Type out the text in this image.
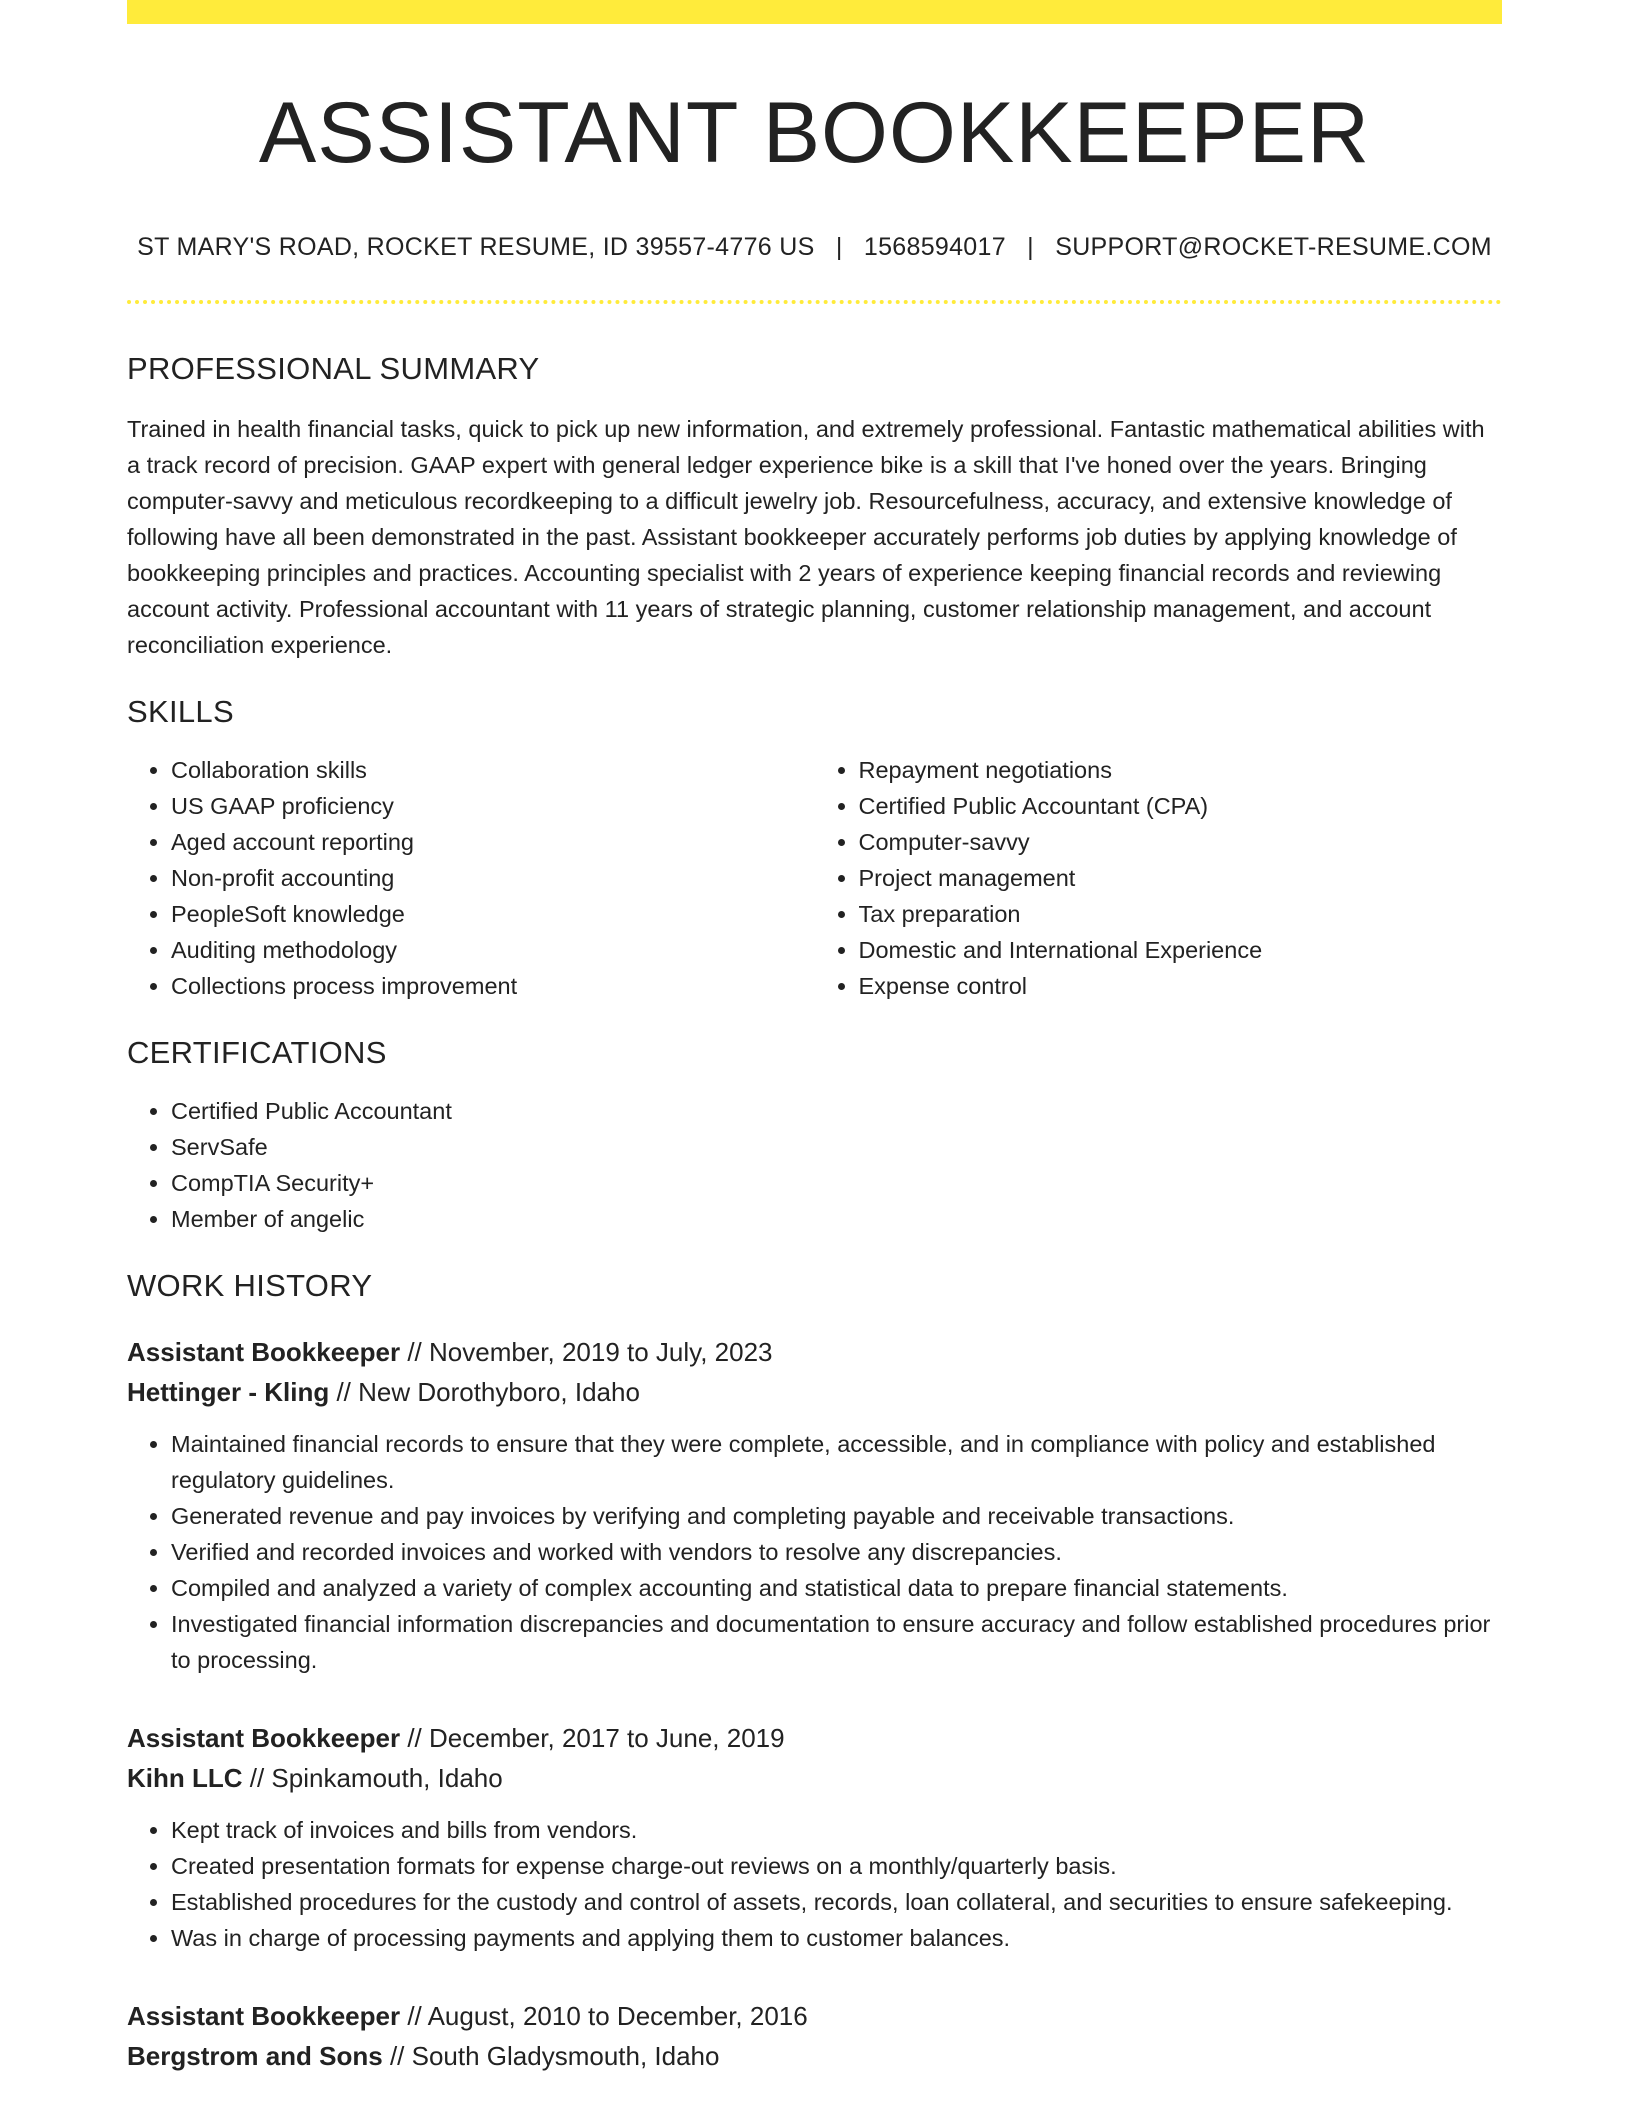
ASSISTANT BOOKKEEPER
ST MARY'S ROAD, ROCKET RESUME, ID 39557-4776 US | 1568594017 | SUPPORT@ROCKET-RESUME.COM
PROFESSIONAL SUMMARY
Trained in health financial tasks, quick to pick up new information, and extremely professional. Fantastic mathematical abilities with a track record of precision. GAAP expert with general ledger experience bike is a skill that I've honed over the years. Bringing computer-savvy and meticulous recordkeeping to a difficult jewelry job. Resourcefulness, accuracy, and extensive knowledge of following have all been demonstrated in the past. Assistant bookkeeper accurately performs job duties by applying knowledge of bookkeeping principles and practices. Accounting specialist with 2 years of experience keeping financial records and reviewing account activity. Professional accountant with 11 years of strategic planning, customer relationship management, and account reconciliation experience.
SKILLS
• Collaboration skills
• US GAAP proficiency
• Aged account reporting
• Non-profit accounting
• PeopleSoft knowledge
• Auditing methodology
• Collections process improvement
• Repayment negotiations
• Certified Public Accountant (CPA)
• Computer-savvy
• Project management
• Tax preparation
• Domestic and International Experience
• Expense control
CERTIFICATIONS
• Certified Public Accountant
• ServSafe
• CompTIA Security+
• Member of angelic
WORK HISTORY
Assistant Bookkeeper // November, 2019 to July, 2023
Hettinger - Kling // New Dorothyboro, Idaho
• Maintained financial records to ensure that they were complete, accessible, and in compliance with policy and established regulatory guidelines.
• Generated revenue and pay invoices by verifying and completing payable and receivable transactions.
• Verified and recorded invoices and worked with vendors to resolve any discrepancies.
• Compiled and analyzed a variety of complex accounting and statistical data to prepare financial statements.
• Investigated financial information discrepancies and documentation to ensure accuracy and follow established procedures prior to processing.
Assistant Bookkeeper // December, 2017 to June, 2019
Kihn LLC // Spinkamouth, Idaho
• Kept track of invoices and bills from vendors.
• Created presentation formats for expense charge-out reviews on a monthly/quarterly basis.
• Established procedures for the custody and control of assets, records, loan collateral, and securities to ensure safekeeping.
• Was in charge of processing payments and applying them to customer balances.
Assistant Bookkeeper // August, 2010 to December, 2016
Bergstrom and Sons // South Gladysmouth, Idaho
